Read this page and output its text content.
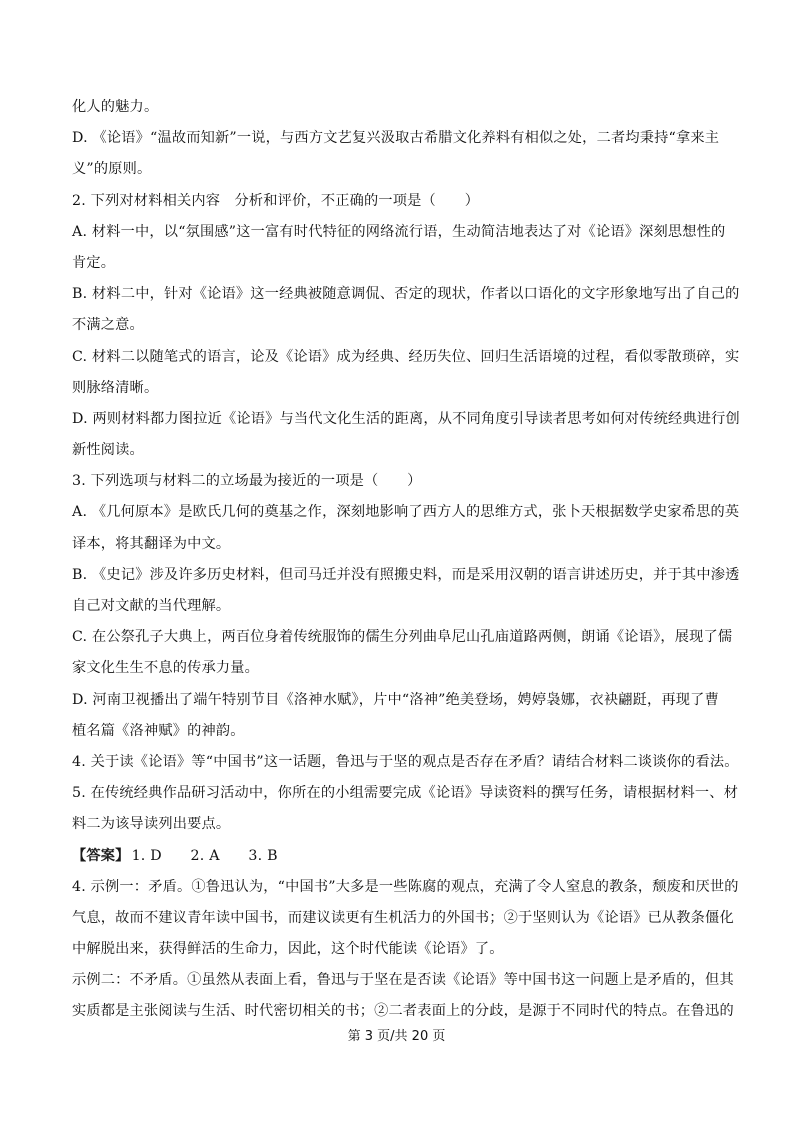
化人的魅力。
D. 《论语》“温故而知新”一说，与西方文艺复兴汲取古希腊文化养料有相似之处，二者均秉持“拿来主
义”的原则。
2. 下列对材料相关内容　分析和评价，不正确的一项是（　　）
A. 材料一中，以“氛围感”这一富有时代特征的网络流行语，生动简洁地表达了对《论语》深刻思想性的
肯定。
B. 材料二中，针对《论语》这一经典被随意调侃、否定的现状，作者以口语化的文字形象地写出了自己的
不满之意。
C. 材料二以随笔式的语言，论及《论语》成为经典、经历失位、回归生活语境的过程，看似零散琐碎，实
则脉络清晰。
D. 两则材料都力图拉近《论语》与当代文化生活的距离，从不同角度引导读者思考如何对传统经典进行创
新性阅读。
3. 下列选项与材料二的立场最为接近的一项是（　　）
A. 《几何原本》是欧氏几何的奠基之作，深刻地影响了西方人的思维方式，张卜天根据数学史家希思的英
译本，将其翻译为中文。
B. 《史记》涉及许多历史材料，但司马迁并没有照搬史料，而是采用汉朝的语言讲述历史，并于其中渗透
自己对文献的当代理解。
C. 在公祭孔子大典上，两百位身着传统服饰的儒生分列曲阜尼山孔庙道路两侧，朗诵《论语》，展现了儒
家文化生生不息的传承力量。
D. 河南卫视播出了端午特别节目《洛神水赋》，片中“洛神”绝美登场，娉婷袅娜，衣袂翩跹，再现了曹
植名篇《洛神赋》的神韵。
4. 关于读《论语》等“中国书”这一话题，鲁迅与于坚的观点是否存在矛盾？请结合材料二谈谈你的看法。
5. 在传统经典作品研习活动中，你所在的小组需要完成《论语》导读资料的撰写任务，请根据材料一、材
料二为该导读列出要点。
【答案】 1. D　　2. A　　3. B
4. 示例一：矛盾。①鲁迅认为，“中国书”大多是一些陈腐的观点，充满了令人窒息的教条，颓废和厌世的
气息，故而不建议青年读中国书，而建议读更有生机活力的外国书；②于坚则认为《论语》已从教条僵化
中解脱出来，获得鲜活的生命力，因此，这个时代能读《论语》了。
示例二：不矛盾。①虽然从表面上看，鲁迅与于坚在是否读《论语》等中国书这一问题上是矛盾的，但其
实质都是主张阅读与生活、时代密切相关的书；②二者表面上的分歧，是源于不同时代的特点。在鲁迅的
第 3 页/共 20 页
